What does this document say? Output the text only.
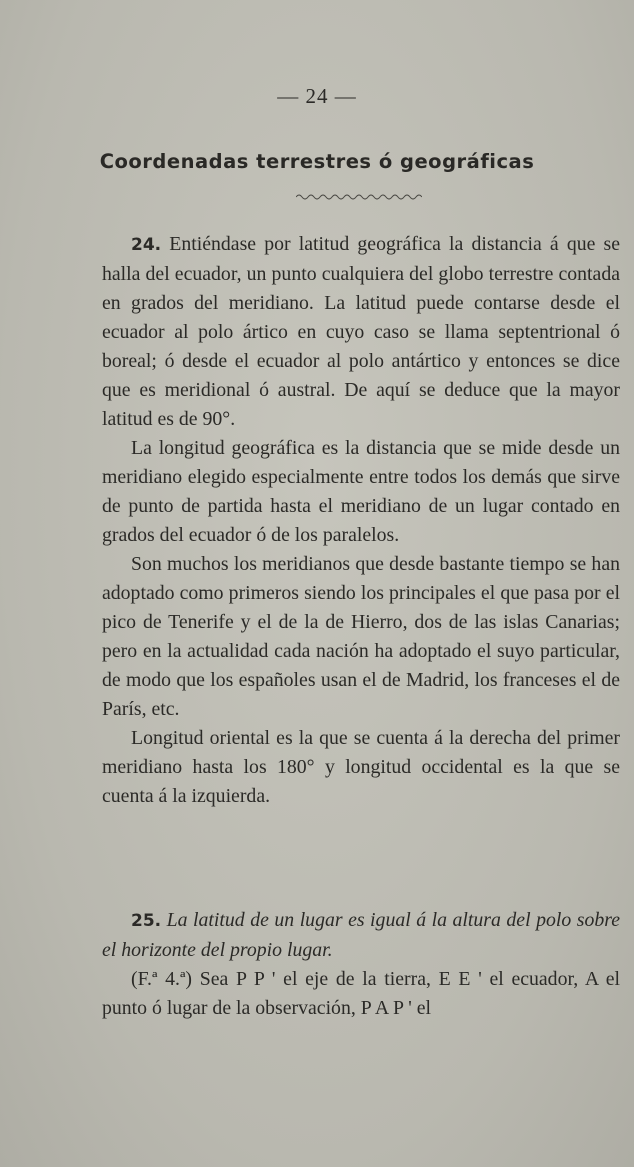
— 24 —
Coordenadas terrestres ó geográficas

24. Entiéndase por latitud geográfica la distancia á que se halla del ecuador, un punto cualquiera del globo terrestre contada en grados del meridiano. La latitud puede contarse desde el ecuador al polo ártico en cuyo caso se llama septentrional ó boreal; ó desde el ecuador al polo antártico y entonces se dice que es meridional ó austral. De aquí se deduce que la mayor latitud es de 90°.

La longitud geográfica es la distancia que se mide desde un meridiano elegido especialmente entre todos los demás que sirve de punto de partida hasta el meridiano de un lugar contado en grados del ecuador ó de los paralelos.

Son muchos los meridianos que desde bastante tiempo se han adoptado como primeros siendo los principales el que pasa por el pico de Tenerife y el de la de Hierro, dos de las islas Canarias; pero en la actualidad cada nación ha adoptado el suyo particular, de modo que los españoles usan el de Madrid, los franceses el de París, etc.

Longitud oriental es la que se cuenta á la derecha del primer meridiano hasta los 180° y longitud occidental es la que se cuenta á la izquierda.

25. La latitud de un lugar es igual á la altura del polo sobre el horizonte del propio lugar.

(F.ª 4.ª) Sea P P ' el eje de la tierra, E E ' el ecuador, A el punto ó lugar de la observación, P A P ' el
